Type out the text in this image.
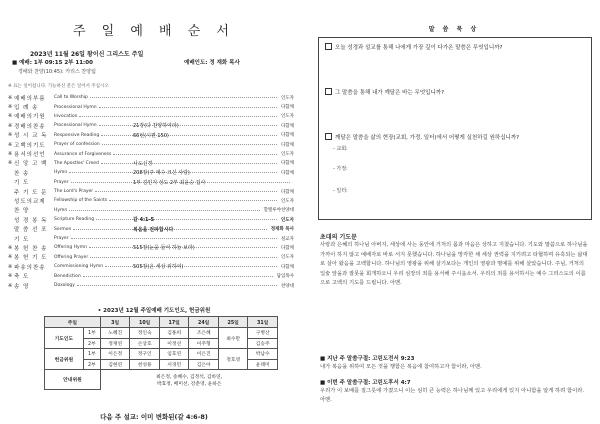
주 일 예 배 순 서
2023년 11월 26일 왕이신 그리스도 주일
■ 예배: 1부 09:15 2부 11:00	예배인도: 정 재화 목사
경배와 찬양(10:45): 카리스 찬양팀
※ 표는 일어섭니다. 가능하신 분은 일어서 주십시오
※ 예배의부름	Call to Worship	인도자
※ 입 례 송	Processional Hymn	다함께
※ 예배의기원	Invocation	인도자
※ 경배의찬송	Processional Hymn	21장(다 찬양하여라)	다함께
※ 성 시 교 독	Responsive Reading	66번(시편 150)	다함께
※ 고백의기도	Prayer of confession	다함께
※ 용서의선언	Assurance of Forgiveness	인도자
※ 신 앙 고 백	The Apostles' Creed	사도신경	다함께
찬 송	Hymn	208장(주 예수 크신 사랑)	다함께
기 도	Prayer	1부 김민지 성도 2부 최윤승 집사
주 기 도 문	The Lord's Prayer	다함께
성도의교제	Fellowship of the Saints	인도자
찬 양	Hymn	할렐루야찬양대
성 경 봉 독	Scripture Reading	갈 4:1-5	인도자
말 씀 선 포	Sermon	복음을 전파합시다	정재화 목사
기 도	Prayer	설교자
※ 봉 헌 찬 송	Offering Hymn	515장(눈을 들어 하늘 보라)	다함께
※ 봉 헌 기 도	Offering Prayer	인도자
※ 파송의찬송	Commissioning Hymn	505장(온 세상 위하여)	다함께
※ 축 도	Benediction	담임목사
※ 송 영	Doxology	찬양대
• 2023년 12월 주일예배 기도인도, 헌금위원
주일		3일	10일	17일	24일	25일	31일
기도인도	1부	노혜진	정인숙	김홍희	조은혜	최수만	구병산
	2부	정재연	손상호	이정선	이주형		김승주
헌금위원	1부	이은정	정구인	임호연	이은진	정호영	박남수
	2부	김현연	천성용	서경민	김은아		윤태미
안내위원		최은정, 송혜수, 김정석, 김바연,
박효정, 배미선, 강춘영, 윤하은					
다음 주 설교: 이미 변화된(갈 4:6-8)
말 씀 묵 상
오늘 성경과 설교를 통해 나에게 가장 깊이 다가온 말씀은 무엇입니까?
그 말씀을 통해 내가 깨달은 바는 무엇입니까?
깨달은 말씀을 삶의 현장(교회, 가정, 일터)에서 어떻게 실천하길 원하십니까?
- 교회:
- 가정:
- 일터:
초대의 기도문
사랑과 은혜의 하나님 아버지, 세상에 사는 동안에 거처의 몸과 마음은 상하고 지쳤습니다. 기도와 말씀으로 하나님을 가까이 하지 않고 예배자로 바로 서지 못했습니다. 하나님을 망각한 채 세상 권력을 지키려고 타협하며 유혹되는 삶대로 살아 왔음을 고백합니다. 하나님의 영광을 위해 살기보다는 개인의 영광과 명예를 위해 살았습니다. 주님, 거처의 입술 앞을과 잘못을 회개하오니 우리 심장의 죄를 용서해 주시옵소서. 우리의 죄를 용서하시는 예수 그리스도의 이름으로 고백의 기도를 드립니다. 아멘.
■ 지난 주 말씀구절: 고린도전서 9:23
내가 복음을 위하여 모든 것을 행함은 복음에 참여하고자 함이라, 아멘.
■ 이번 주 말씀구절: 고린도후서 4:7
우리가 이 보배를 질그릇에 가졌으니 이는 심히 큰 능력은 하나님께 있고 우리에게 있지 아니함을 알게 하려 함이라. 아멘.
